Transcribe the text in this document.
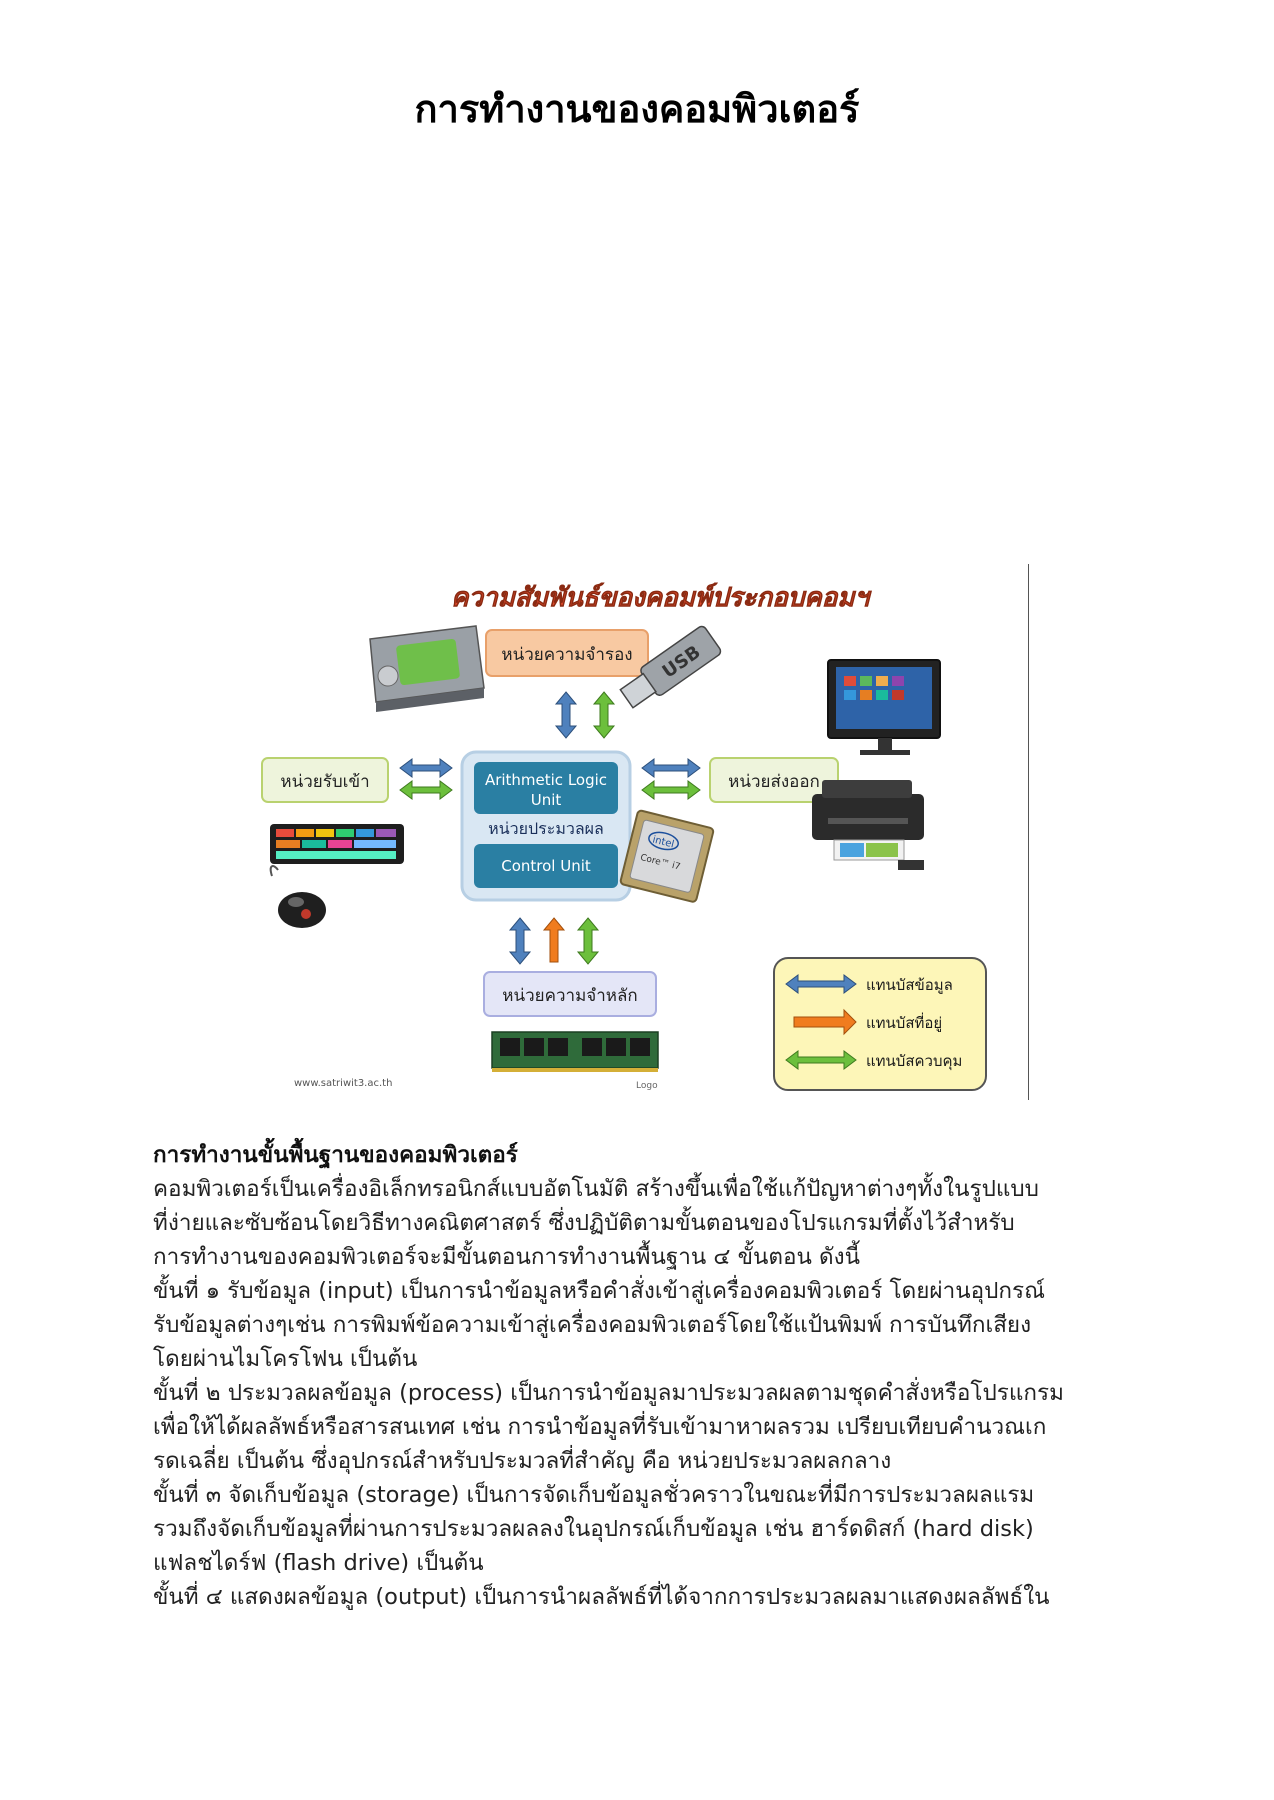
การทำงานของคอมพิวเตอร์
ความสัมพันธ์ของคอมพ์ประกอบคอมฯ
หน่วยความจำรอง USB
หน่วยรับเข้า	Arithmetic Logic
Unit
หน่วยประมวลผล
Control Unit
intel
Core™ i7
หน่วยส่งออก
หน่วยความจำหลัก
แทนบัสข้อมูล
แทนบัสที่อยู่
แทนบัสควบคุม
www.satriwit3.ac.th	Logo

การทำงานขั้นพื้นฐานของคอมพิวเตอร์

คอมพิวเตอร์เป็นเครื่องอิเล็กทรอนิกส์แบบอัตโนมัติ สร้างขึ้นเพื่อใช้แก้ปัญหาต่างๆทั้งในรูปแบบ

ที่ง่ายและซับซ้อนโดยวิธีทางคณิตศาสตร์ ซึ่งปฏิบัติตามขั้นตอนของโปรแกรมที่ตั้งไว้สำหรับ

การทำงานของคอมพิวเตอร์จะมีขั้นตอนการทำงานพื้นฐาน ๔ ขั้นตอน ดังนี้

ขั้นที่ ๑ รับข้อมูล (input) เป็นการนำข้อมูลหรือคำสั่งเข้าสู่เครื่องคอมพิวเตอร์ โดยผ่านอุปกรณ์

รับข้อมูลต่างๆเช่น การพิมพ์ข้อความเข้าสู่เครื่องคอมพิวเตอร์โดยใช้แป้นพิมพ์ การบันทึกเสียง

โดยผ่านไมโครโฟน เป็นต้น

ขั้นที่ ๒ ประมวลผลข้อมูล (process) เป็นการนำข้อมูลมาประมวลผลตามชุดคำสั่งหรือโปรแกรม

เพื่อให้ได้ผลลัพธ์หรือสารสนเทศ เช่น การนำข้อมูลที่รับเข้ามาหาผลรวม เปรียบเทียบคำนวณเก

รดเฉลี่ย เป็นต้น ซึ่งอุปกรณ์สำหรับประมวลที่สำคัญ คือ หน่วยประมวลผลกลาง

ขั้นที่ ๓ จัดเก็บข้อมูล (storage) เป็นการจัดเก็บข้อมูลชั่วคราวในขณะที่มีการประมวลผลแรม

รวมถึงจัดเก็บข้อมูลที่ผ่านการประมวลผลลงในอุปกรณ์เก็บข้อมูล เช่น ฮาร์ดดิสก์ (hard disk)

แฟลชไดร์ฟ (flash drive) เป็นต้น

ขั้นที่ ๔ แสดงผลข้อมูล (output) เป็นการนำผลลัพธ์ที่ได้จากการประมวลผลมาแสดงผลลัพธ์ใน
